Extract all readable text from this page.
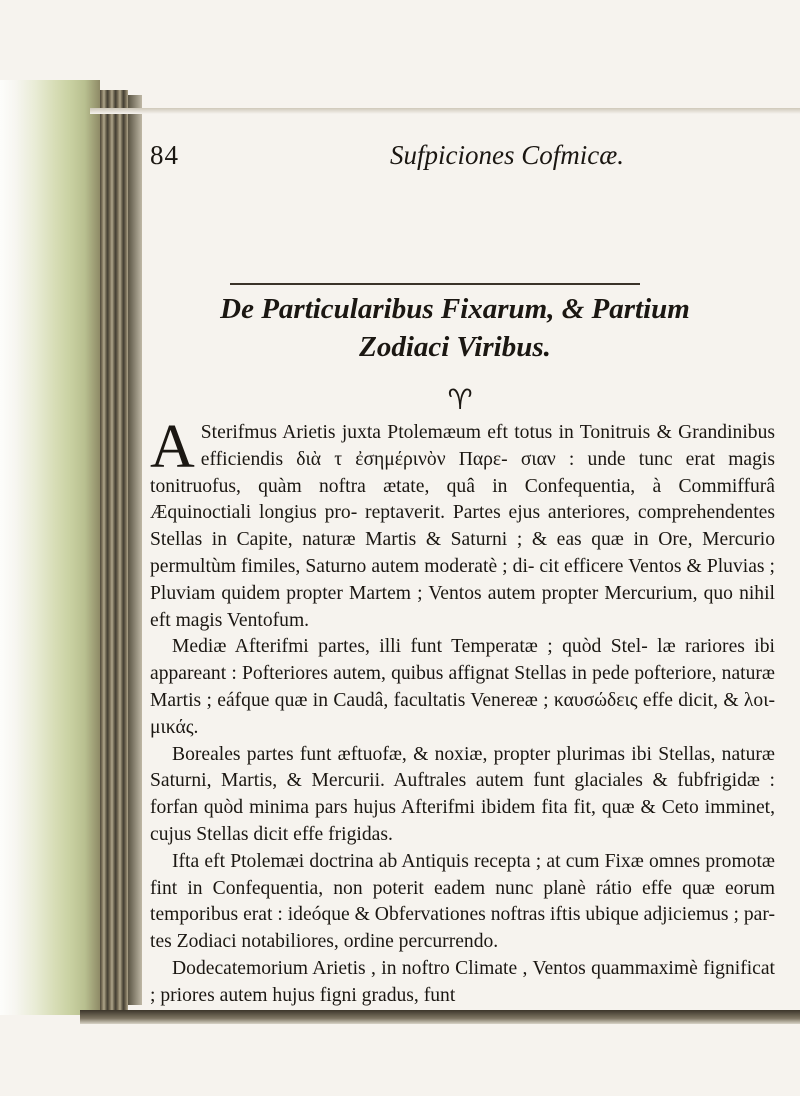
84	Sufpiciones Cofmicæ.
De Particularibus Fixarum, & Partium
Zodiaci Viribus.
♈

A Sterifmus Arietis juxta Ptolemæum eft totus in Tonitruis & Grandinibus efficiendis διὰ τ ἐσημέρινὸν Παρε- σιαν : unde tunc erat magis tonitruofus, quàm noftra ætate, quâ in Confequentia, à Commiffurâ Æquinoctiali longius pro- reptaverit. Partes ejus anteriores, comprehendentes Stellas in Capite, naturæ Martis & Saturni ; & eas quæ in Ore, Mercurio permultùm fimiles, Saturno autem moderatè ; di- cit efficere Ventos & Pluvias ; Pluviam quidem propter Martem ; Ventos autem propter Mercurium, quo nihil eft magis Ventofum.

Mediæ Afterifmi partes, illi funt Temperatæ ; quòd Stel- læ rariores ibi appareant : Pofteriores autem, quibus affignat Stellas in pede pofteriore, naturæ Martis ; eáfque quæ in Caudâ, facultatis Venereæ ; καυσώδεις effe dicit, & λοι- μικάς.

Boreales partes funt æftuofæ, & noxiæ, propter plurimas ibi Stellas, naturæ Saturni, Martis, & Mercurii. Auftrales autem funt glaciales & fubfrigidæ : forfan quòd minima pars hujus Afterifmi ibidem fita fit, quæ & Ceto imminet, cujus Stellas dicit effe frigidas.

Ifta eft Ptolemæi doctrina ab Antiquis recepta ; at cum Fixæ omnes promotæ fint in Confequentia, non poterit eadem nunc planè rátio effe quæ eorum temporibus erat : ideóque & Obfervationes noftras iftis ubique adjiciemus ; par- tes Zodiaci notabiliores, ordine percurrendo.

Dodecatemorium Arietis , in noftro Climate , Ventos quammaximè fignificat ; priores autem hujus figni gradus, funt
